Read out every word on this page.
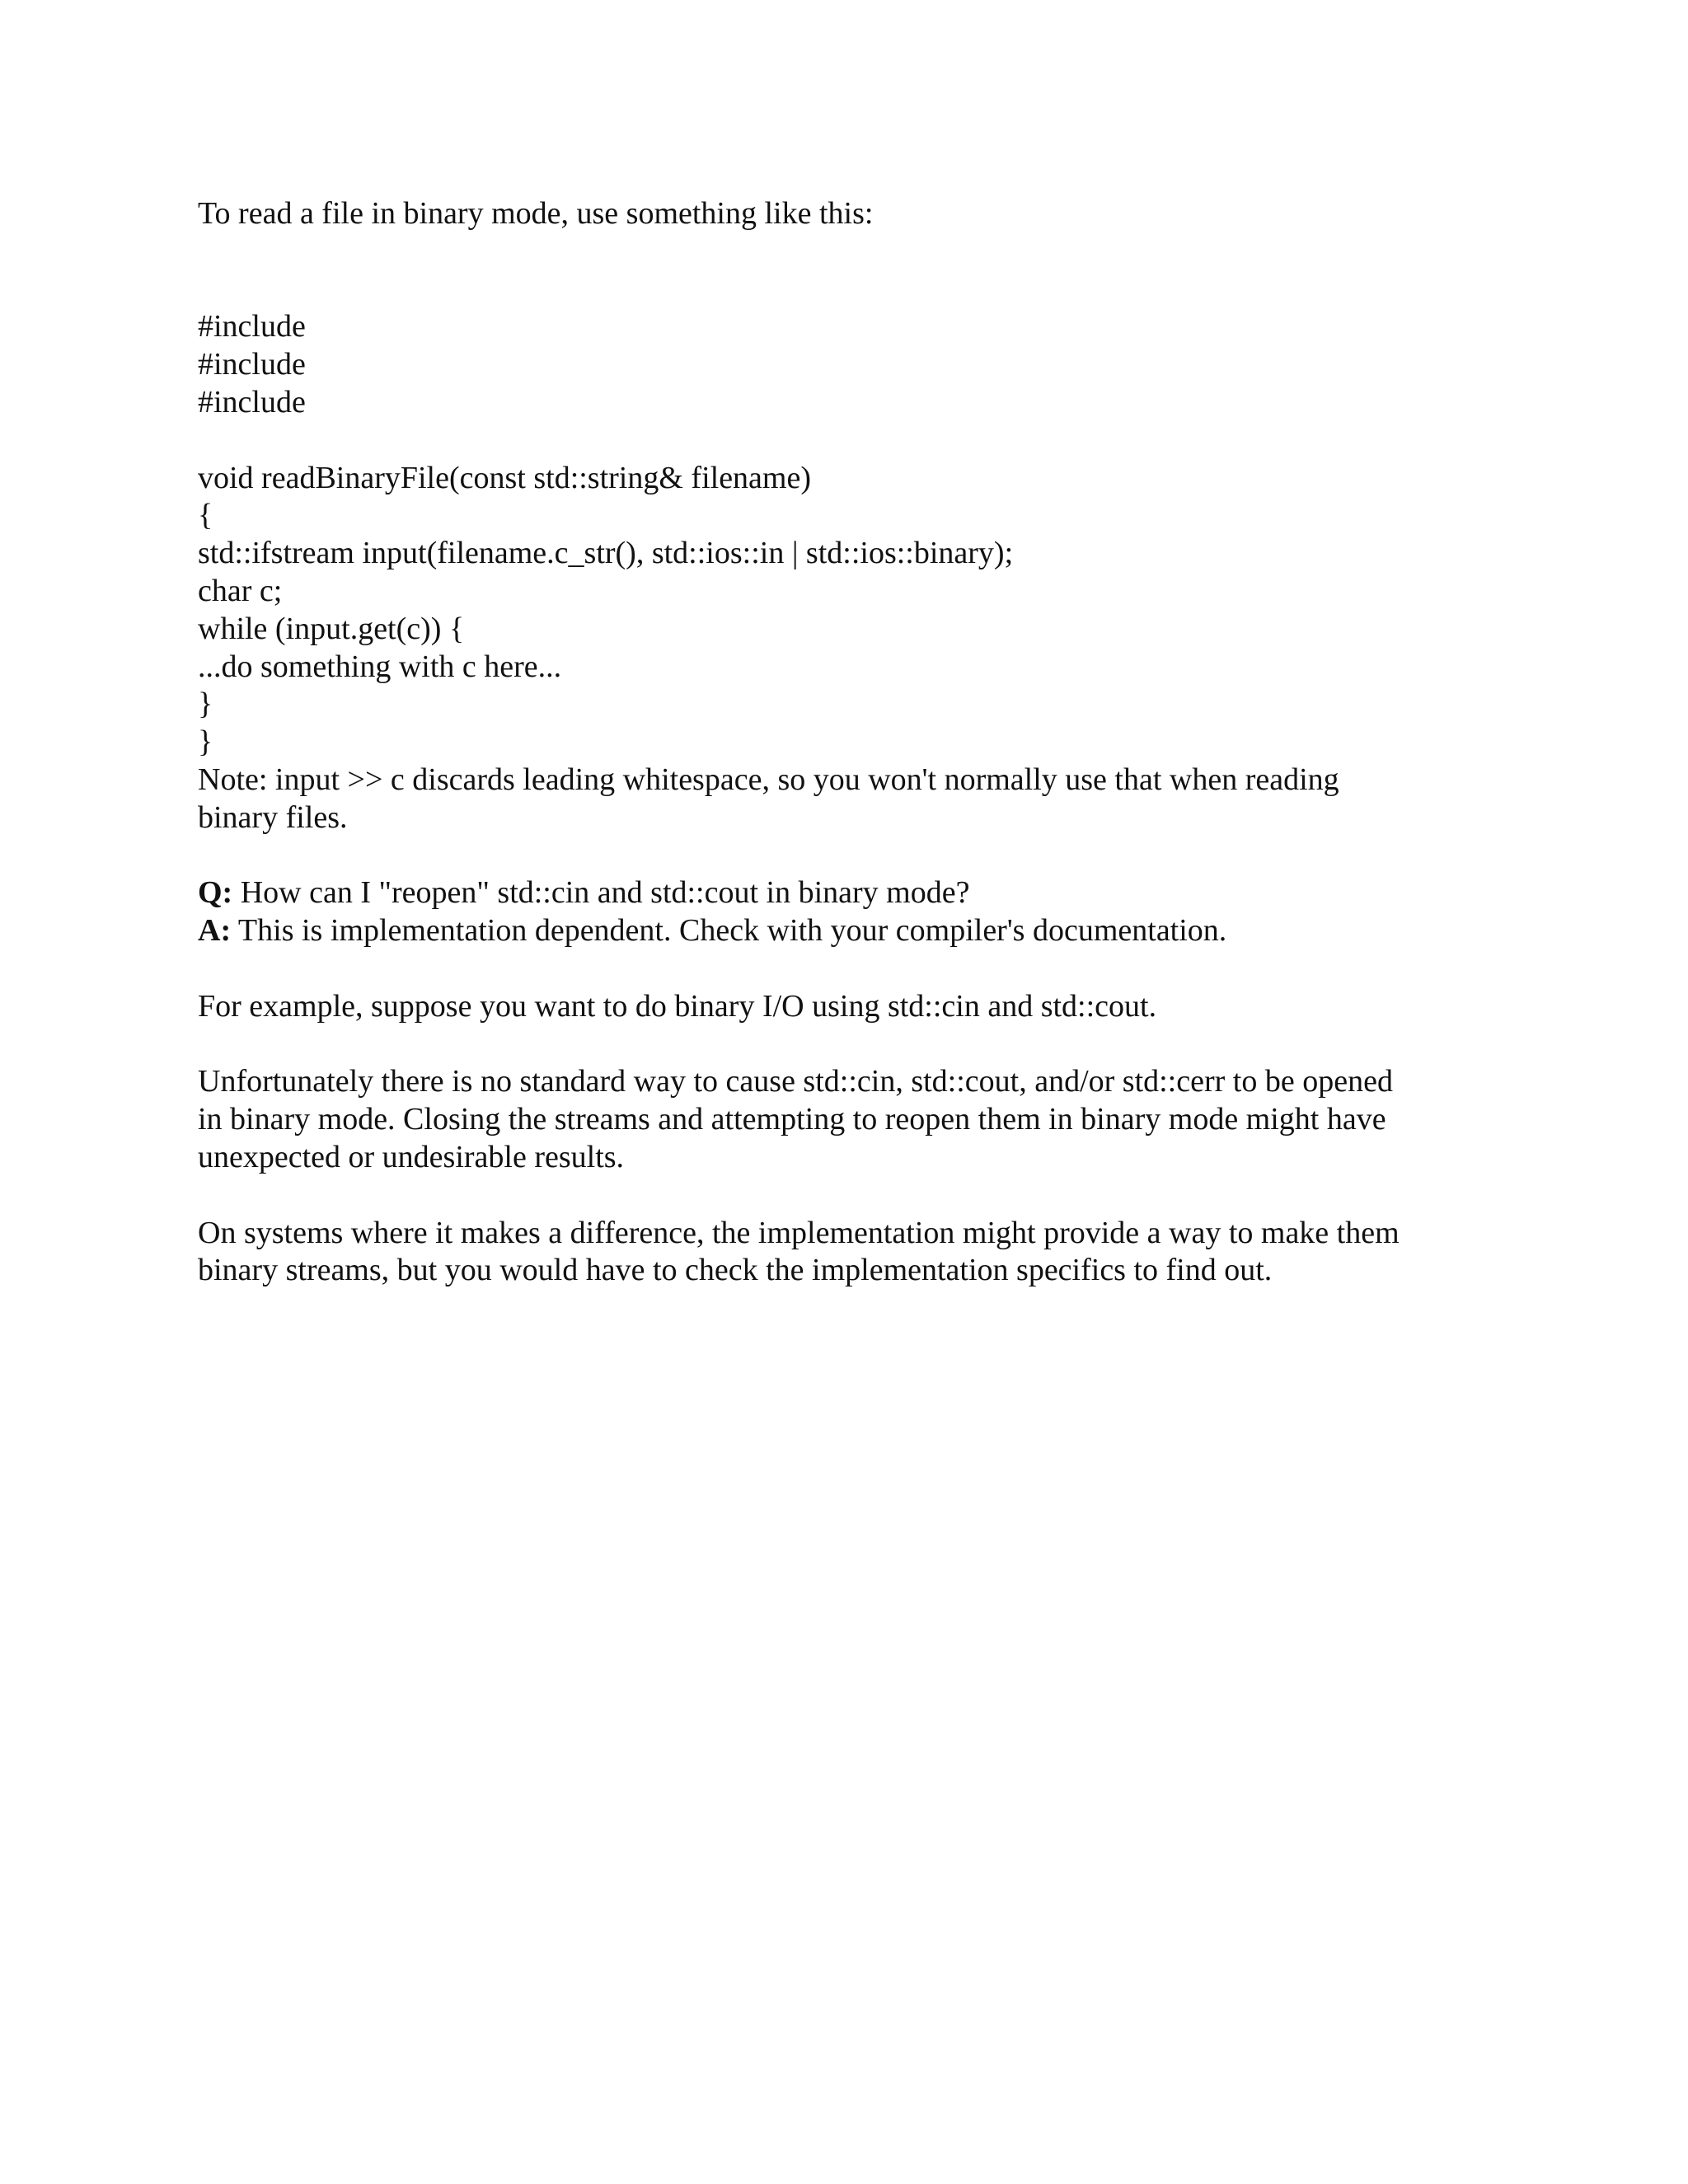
To read a file in binary mode, use something like this:

#include
#include
#include
void readBinaryFile(const std::string& filename)
{
std::ifstream input(filename.c_str(), std::ios::in | std::ios::binary);
char c;
while (input.get(c)) {
...do something with c here...
}
}
Note: input >> c discards leading whitespace, so you won't normally use that when reading
binary files.
Q: How can I "reopen" std::cin and std::cout in binary mode?
A: This is implementation dependent. Check with your compiler's documentation.
For example, suppose you want to do binary I/O using std::cin and std::cout.
Unfortunately there is no standard way to cause std::cin, std::cout, and/or std::cerr to be opened
in binary mode. Closing the streams and attempting to reopen them in binary mode might have
unexpected or undesirable results.
On systems where it makes a difference, the implementation might provide a way to make them
binary streams, but you would have to check the implementation specifics to find out.
